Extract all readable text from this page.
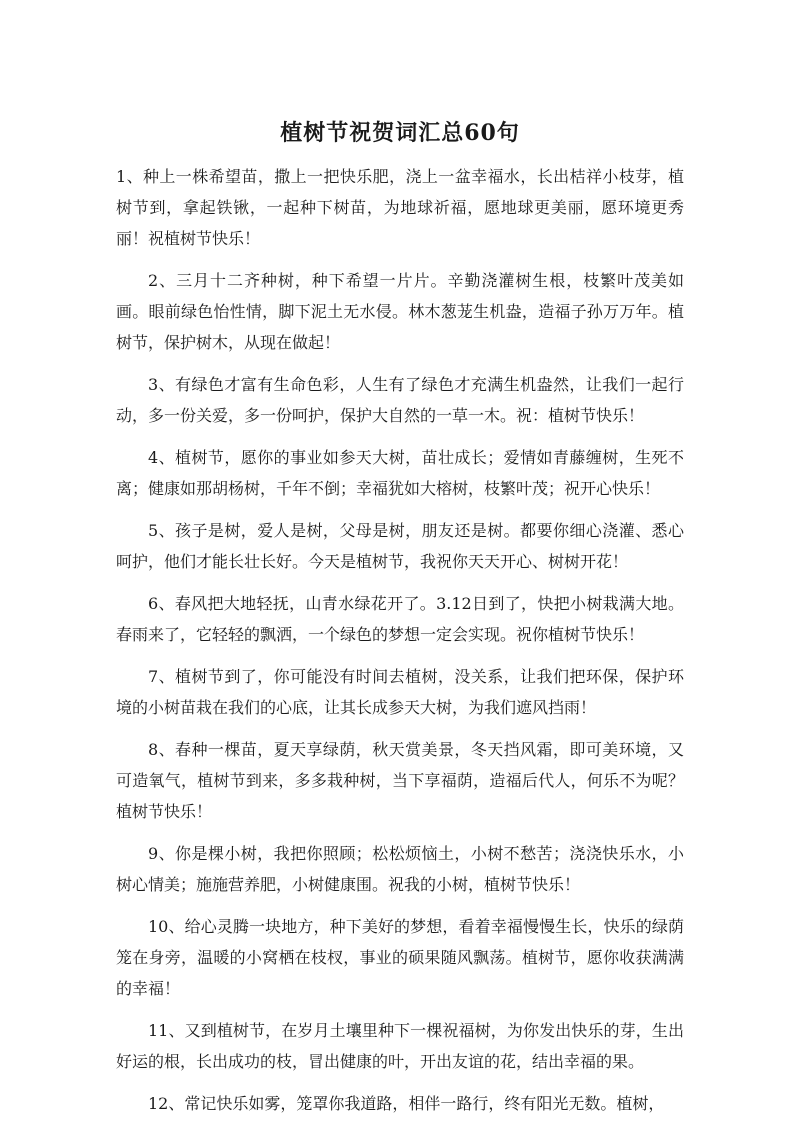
植树节祝贺词汇总60句

1、种上一株希望苗，撒上一把快乐肥，浇上一盆幸福水，长出桔祥小枝芽，植树节到，拿起铁锹，一起种下树苗，为地球祈福，愿地球更美丽，愿环境更秀丽！祝植树节快乐！

2、三月十二齐种树，种下希望一片片。辛勤浇灌树生根，枝繁叶茂美如画。眼前绿色怡性情，脚下泥土无水侵。林木葱茏生机盎，造福子孙万万年。植树节，保护树木，从现在做起！

3、有绿色才富有生命色彩，人生有了绿色才充满生机盎然，让我们一起行动，多一份关爱，多一份呵护，保护大自然的一草一木。祝：植树节快乐！

4、植树节，愿你的事业如参天大树，苗壮成长；爱情如青藤缠树，生死不离；健康如那胡杨树，千年不倒；幸福犹如大榕树，枝繁叶茂；祝开心快乐！

5、孩子是树，爱人是树，父母是树，朋友还是树。都要你细心浇灌、悉心呵护，他们才能长壮长好。今天是植树节，我祝你天天开心、树树开花！

6、春风把大地轻抚，山青水绿花开了。3.12日到了，快把小树栽满大地。春雨来了，它轻轻的飘洒，一个绿色的梦想一定会实现。祝你植树节快乐！

7、植树节到了，你可能没有时间去植树，没关系，让我们把环保，保护环境的小树苗栽在我们的心底，让其长成参天大树，为我们遮风挡雨！

8、春种一棵苗，夏天享绿荫，秋天赏美景，冬天挡风霜，即可美环境，又可造氧气，植树节到来，多多栽种树，当下享福荫，造福后代人，何乐不为呢？植树节快乐！

9、你是棵小树，我把你照顾；松松烦恼土，小树不愁苦；浇浇快乐水，小树心情美；施施营养肥，小树健康围。祝我的小树，植树节快乐！

10、给心灵腾一块地方，种下美好的梦想，看着幸福慢慢生长，快乐的绿荫笼在身旁，温暖的小窝栖在枝杈，事业的硕果随风飘荡。植树节，愿你收获满满的幸福！

11、又到植树节，在岁月土壤里种下一棵祝福树，为你发出快乐的芽，生出好运的根，长出成功的枝，冒出健康的叶，开出友谊的花，结出幸福的果。

12、常记快乐如雾，笼罩你我道路，相伴一路行，终有阳光无数。植树，
